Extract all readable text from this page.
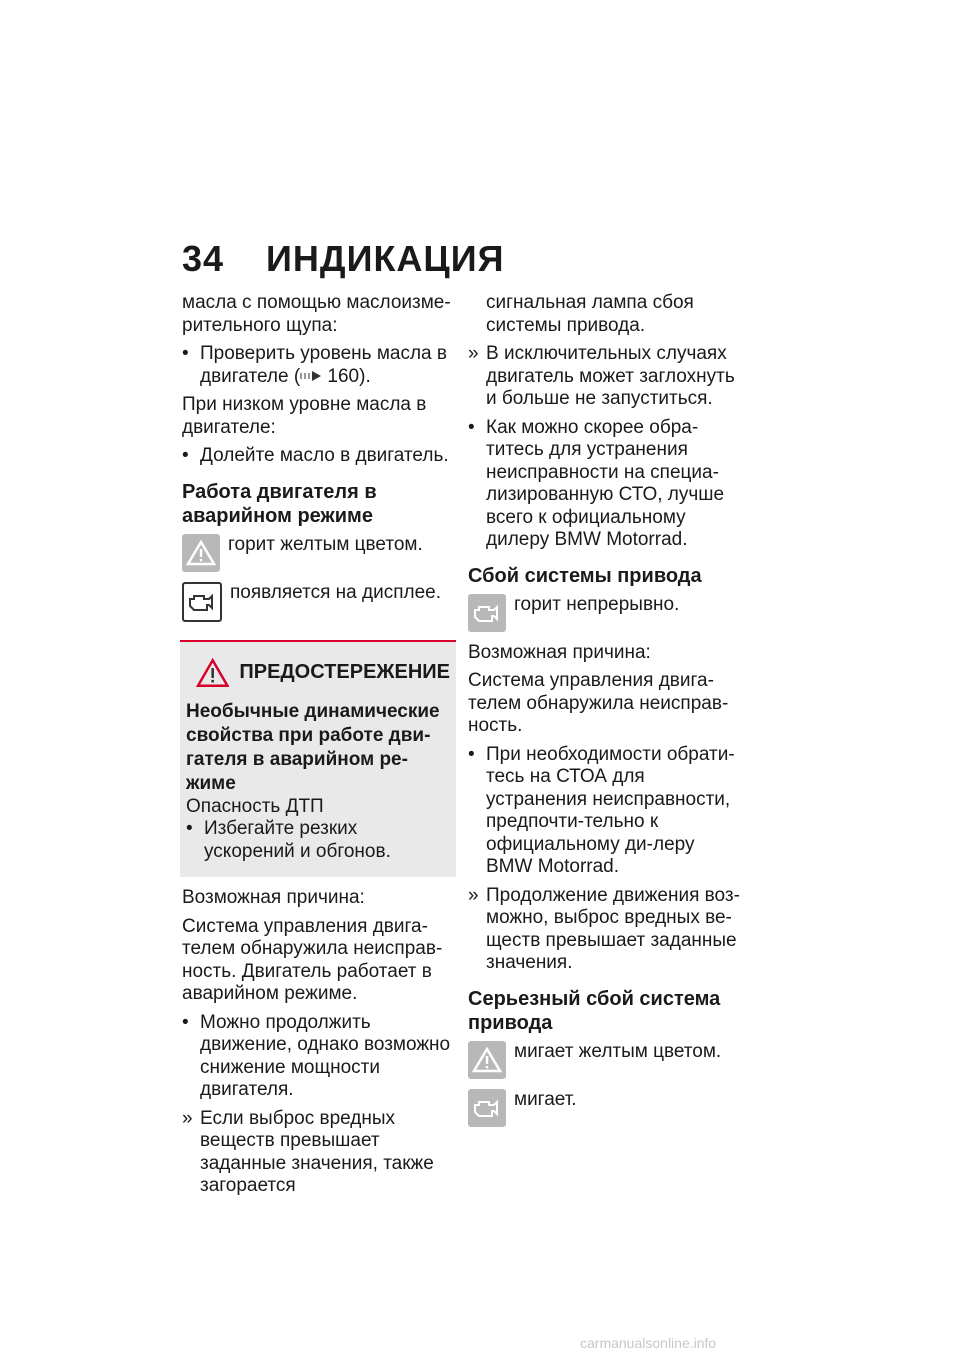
34 ИНДИКАЦИЯ

масла с помощью маслоизме-рительного щупа:

• Проверить уровень масла в двигателе ( 160).

При низком уровне масла в двигателе:

• Долейте масло в двигатель.
Работа двигателя в аварийном режиме
горит желтым цветом.
появляется на дисплее.
ПРЕДОСТЕРЕЖЕНИЕ
Необычные динамические свойства при работе дви-гателя в аварийном ре-жиме

Опасность ДТП

• Избегайте резких ускорений и обгонов.

Возможная причина:

Система управления двига-телем обнаружила неисправ-ность. Двигатель работает в аварийном режиме.

• Можно продолжить движение, однако возможно снижение мощности двигателя.
» Если выброс вредных веществ превышает заданные значения, также загорается
сигнальная лампа сбоя системы привода.
» В исключительных случаях двигатель может заглохнуть и больше не запуститься.
• Как можно скорее обра-титесь для устранения неисправности на специа-лизированную СТО, лучше всего к официальному дилеру BMW Motorrad.
Сбой системы привода
горит непрерывно.

Возможная причина:

Система управления двига-телем обнаружила неисправ-ность.

• При необходимости обрати-тесь на СТОА для устранения неисправности, предпочти-тельно к официальному ди-леру BMW Motorrad.
» Продолжение движения воз-можно, выброс вредных ве-ществ превышает заданные значения.
Серьезный сбой система привода
мигает желтым цветом.
мигает.
carmanualsonline.info
